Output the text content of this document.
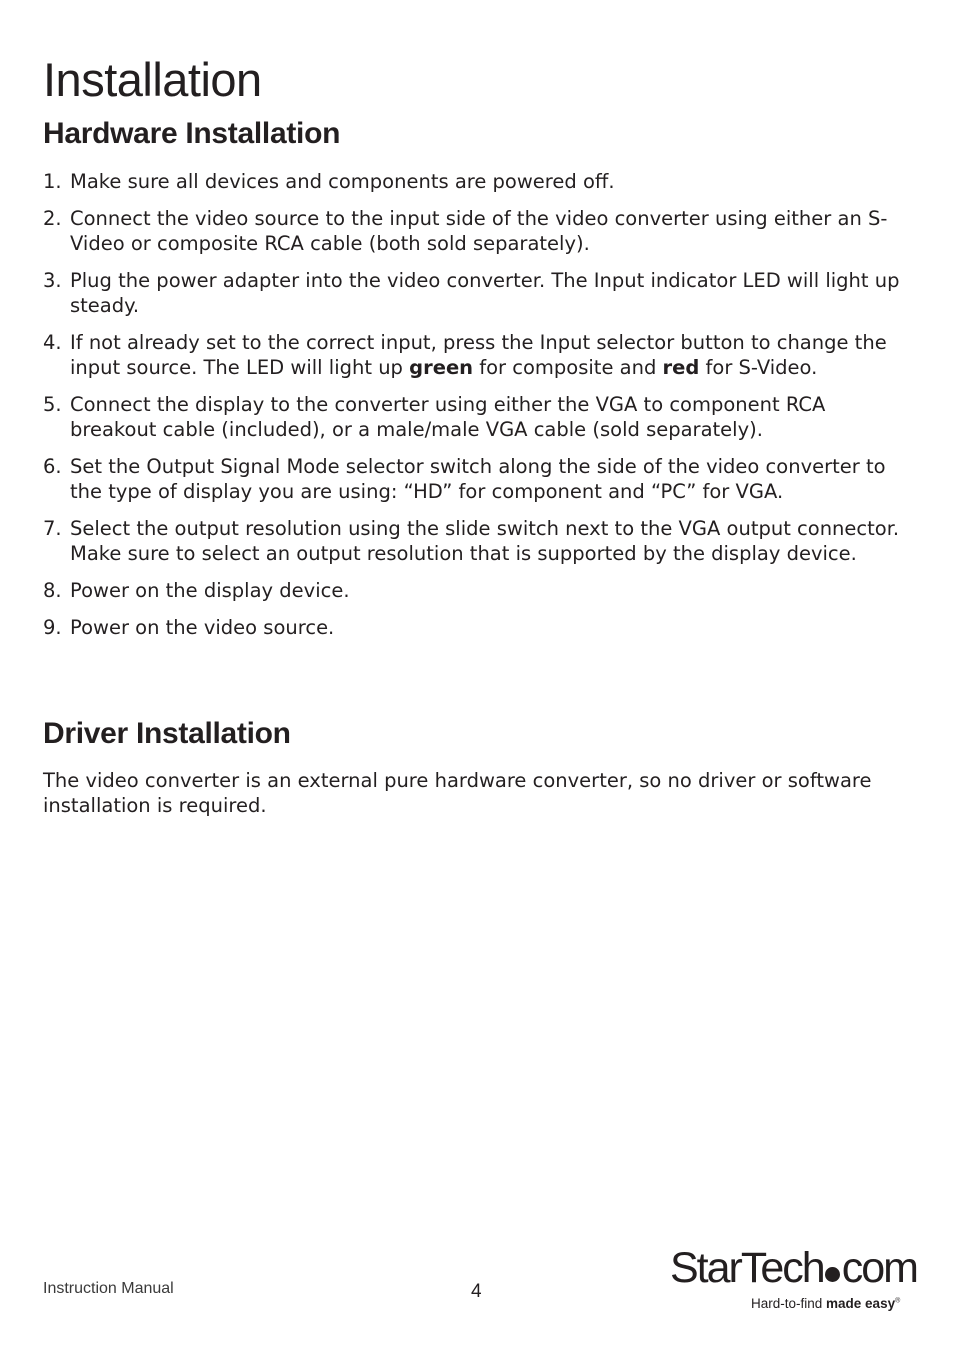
Installation
Hardware Installation
1. Make sure all devices and components are powered off.
2. Connect the video source to the input side of the video converter using either an S-Video or composite RCA cable (both sold separately).
3. Plug the power adapter into the video converter. The Input indicator LED will light up steady.
4. If not already set to the correct input, press the Input selector button to change the input source. The LED will light up green for composite and red for S-Video.
5. Connect the display to the converter using either the VGA to component RCA breakout cable (included), or a male/male VGA cable (sold separately).
6. Set the Output Signal Mode selector switch along the side of the video converter to the type of display you are using: “HD” for component and “PC” for VGA.
7. Select the output resolution using the slide switch next to the VGA output connector. Make sure to select an output resolution that is supported by the display device.
8. Power on the display device.
9. Power on the video source.
Driver Installation

The video converter is an external pure hardware converter, so no driver or software installation is required.

Instruction Manual	4	StarTech com
Hard-to-find made easy®
